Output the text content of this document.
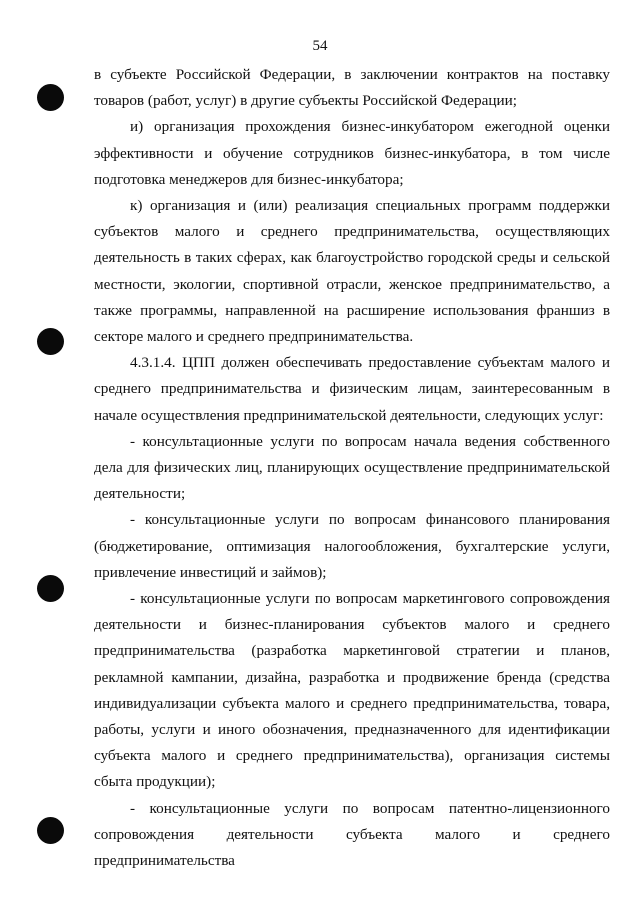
54

в субъекте Российской Федерации, в заключении контрактов на поставку товаров (работ, услуг) в другие субъекты Российской Федерации;

и) организация прохождения бизнес-инкубатором ежегодной оценки эффективности и обучение сотрудников бизнес-инкубатора, в том числе подготовка менеджеров для бизнес-инкубатора;

к) организация и (или) реализация специальных программ поддержки субъектов малого и среднего предпринимательства, осуществляющих деятельность в таких сферах, как благоустройство городской среды и сельской местности, экологии, спортивной отрасли, женское предпринимательство, а также программы, направленной на расширение использования франшиз в секторе малого и среднего предпринимательства.

4.3.1.4. ЦПП должен обеспечивать предоставление субъектам малого и среднего предпринимательства и физическим лицам, заинтересованным в начале осуществления предпринимательской деятельности, следующих услуг:

- консультационные услуги по вопросам начала ведения собственного дела для физических лиц, планирующих осуществление предпринимательской деятельности;

- консультационные услуги по вопросам финансового планирования (бюджетирование, оптимизация налогообложения, бухгалтерские услуги, привлечение инвестиций и займов);

- консультационные услуги по вопросам маркетингового сопровождения деятельности и бизнес-планирования субъектов малого и среднего предпринимательства (разработка маркетинговой стратегии и планов, рекламной кампании, дизайна, разработка и продвижение бренда (средства индивидуализации субъекта малого и среднего предпринимательства, товара, работы, услуги и иного обозначения, предназначенного для идентификации субъекта малого и среднего предпринимательства), организация системы сбыта продукции);

- консультационные услуги по вопросам патентно-лицензионного сопровождения деятельности субъекта малого и среднего предпринимательства
